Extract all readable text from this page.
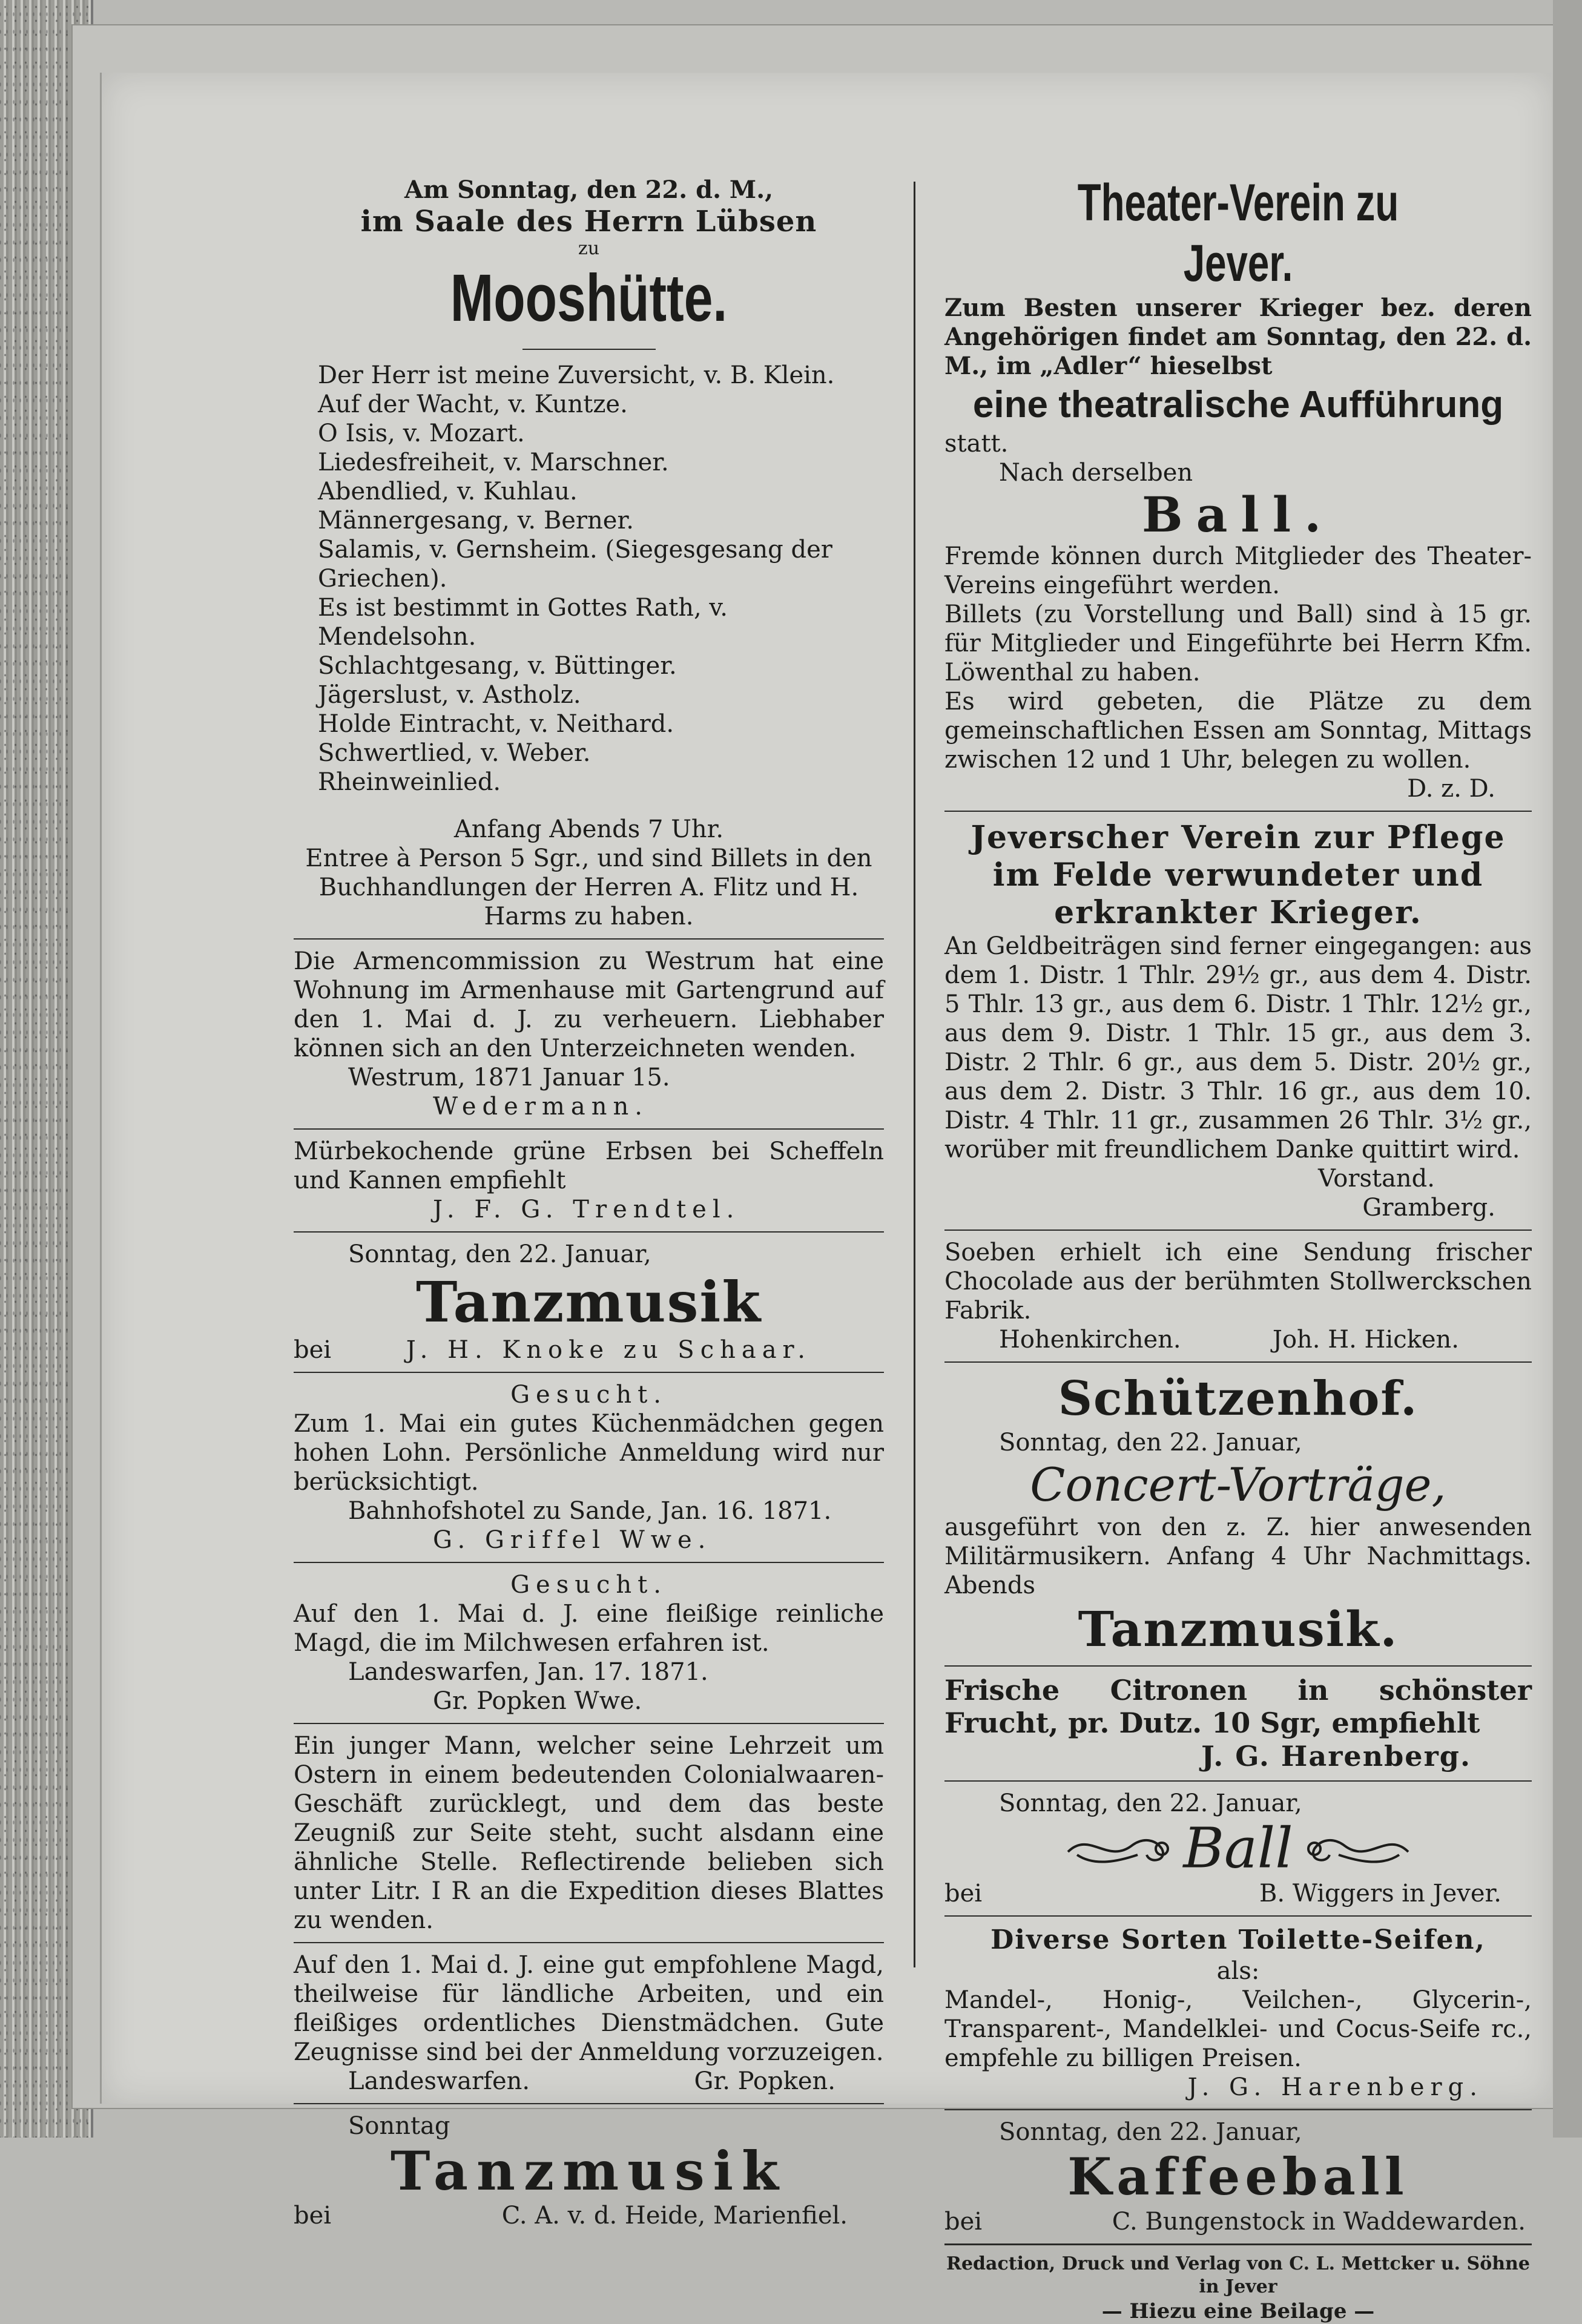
Am Sonntag, den 22. d. M.,
im Saale des Herrn Lübsen
zu
Mooshütte.
Der Herr ist meine Zuversicht, v. B. Klein.
Auf der Wacht, v. Kuntze.
O Isis, v. Mozart.
Liedesfreiheit, v. Marschner.
Abendlied, v. Kuhlau.
Männergesang, v. Berner.
Salamis, v. Gernsheim. (Siegesgesang der Griechen).
Es ist bestimmt in Gottes Rath, v. Mendelsohn.
Schlachtgesang, v. Büttinger.
Jägerslust, v. Astholz.
Holde Eintracht, v. Neithard.
Schwertlied, v. Weber.
Rheinweinlied.
Anfang Abends 7 Uhr.
Entree à Person 5 Sgr., und sind Billets in den Buchhandlungen der Herren A. Flitz und H. Harms zu haben.
Die Armencommission zu Westrum hat eine Wohnung im Armenhause mit Gartengrund auf den 1. Mai d. J. zu verheuern. Liebhaber können sich an den Unterzeichneten wenden.
Westrum, 1871 Januar 15.
Wedermann.
Mürbekochende grüne Erbsen bei Scheffeln und Kannen empfiehlt
J. F. G. Trendtel.
Sonntag, den 22. Januar,
Tanzmusik
bei	J. H. Knoke zu Schaar.
Gesucht.
Zum 1. Mai ein gutes Küchenmädchen gegen hohen Lohn. Persönliche Anmeldung wird nur berücksichtigt.
Bahnhofshotel zu Sande, Jan. 16. 1871.
G. Griffel Wwe.
Gesucht.
Auf den 1. Mai d. J. eine fleißige reinliche Magd, die im Milchwesen erfahren ist.
Landeswarfen, Jan. 17. 1871.
Gr. Popken Wwe.
Ein junger Mann, welcher seine Lehrzeit um Ostern in einem bedeutenden Colonialwaaren-Geschäft zurücklegt, und dem das beste Zeugniß zur Seite steht, sucht alsdann eine ähnliche Stelle. Reflectirende belieben sich unter Litr. I R an die Expedition dieses Blattes zu wenden.
Auf den 1. Mai d. J. eine gut empfohlene Magd, theilweise für ländliche Arbeiten, und ein fleißiges ordentliches Dienstmädchen. Gute Zeugnisse sind bei der Anmeldung vorzuzeigen.
Landeswarfen.	Gr. Popken.
Sonntag
Tanzmusik
bei	C. A. v. d. Heide, Marienfiel.
Theater-Verein zu Jever.
Zum Besten unserer Krieger bez. deren Angehörigen findet am Sonntag, den 22. d. M., im „Adler“ hieselbst
eine theatralische Aufführung
statt.
Nach derselben
Ball.
Fremde können durch Mitglieder des Theater-Vereins eingeführt werden.
Billets (zu Vorstellung und Ball) sind à 15 gr. für Mitglieder und Eingeführte bei Herrn Kfm. Löwenthal zu haben.
Es wird gebeten, die Plätze zu dem gemeinschaftlichen Essen am Sonntag, Mittags zwischen 12 und 1 Uhr, belegen zu wollen.
D. z. D.
Jeverscher Verein zur Pflege im Felde verwundeter und erkrankter Krieger.
An Geldbeiträgen sind ferner eingegangen: aus dem 1. Distr. 1 Thlr. 29½ gr., aus dem 4. Distr. 5 Thlr. 13 gr., aus dem 6. Distr. 1 Thlr. 12½ gr., aus dem 9. Distr. 1 Thlr. 15 gr., aus dem 3. Distr. 2 Thlr. 6 gr., aus dem 5. Distr. 20½ gr., aus dem 2. Distr. 3 Thlr. 16 gr., aus dem 10. Distr. 4 Thlr. 11 gr., zusammen 26 Thlr. 3½ gr., worüber mit freundlichem Danke quittirt wird.
Vorstand.
Gramberg.
Soeben erhielt ich eine Sendung frischer Chocolade aus der berühmten Stollwerckschen Fabrik.
Hohenkirchen.	Joh. H. Hicken.
Schützenhof.
Sonntag, den 22. Januar,
Concert-Vorträge,
ausgeführt von den z. Z. hier anwesenden Militärmusikern. Anfang 4 Uhr Nachmittags. Abends
Tanzmusik.
Frische Citronen in schönster Frucht, pr. Dutz. 10 Sgr, empfiehlt
J. G. Harenberg.
Sonntag, den 22. Januar,
Ball
bei	B. Wiggers in Jever.
Diverse Sorten Toilette-Seifen,
als:
Mandel-, Honig-, Veilchen-, Glycerin-, Transparent-, Mandelklei- und Cocus-Seife rc., empfehle zu billigen Preisen.
J. G. Harenberg.
Sonntag, den 22. Januar,
Kaffeeball
bei	C. Bungenstock in Waddewarden.
Redaction, Druck und Verlag von C. L. Mettcker u. Söhne in Jever
— Hiezu eine Beilage —
